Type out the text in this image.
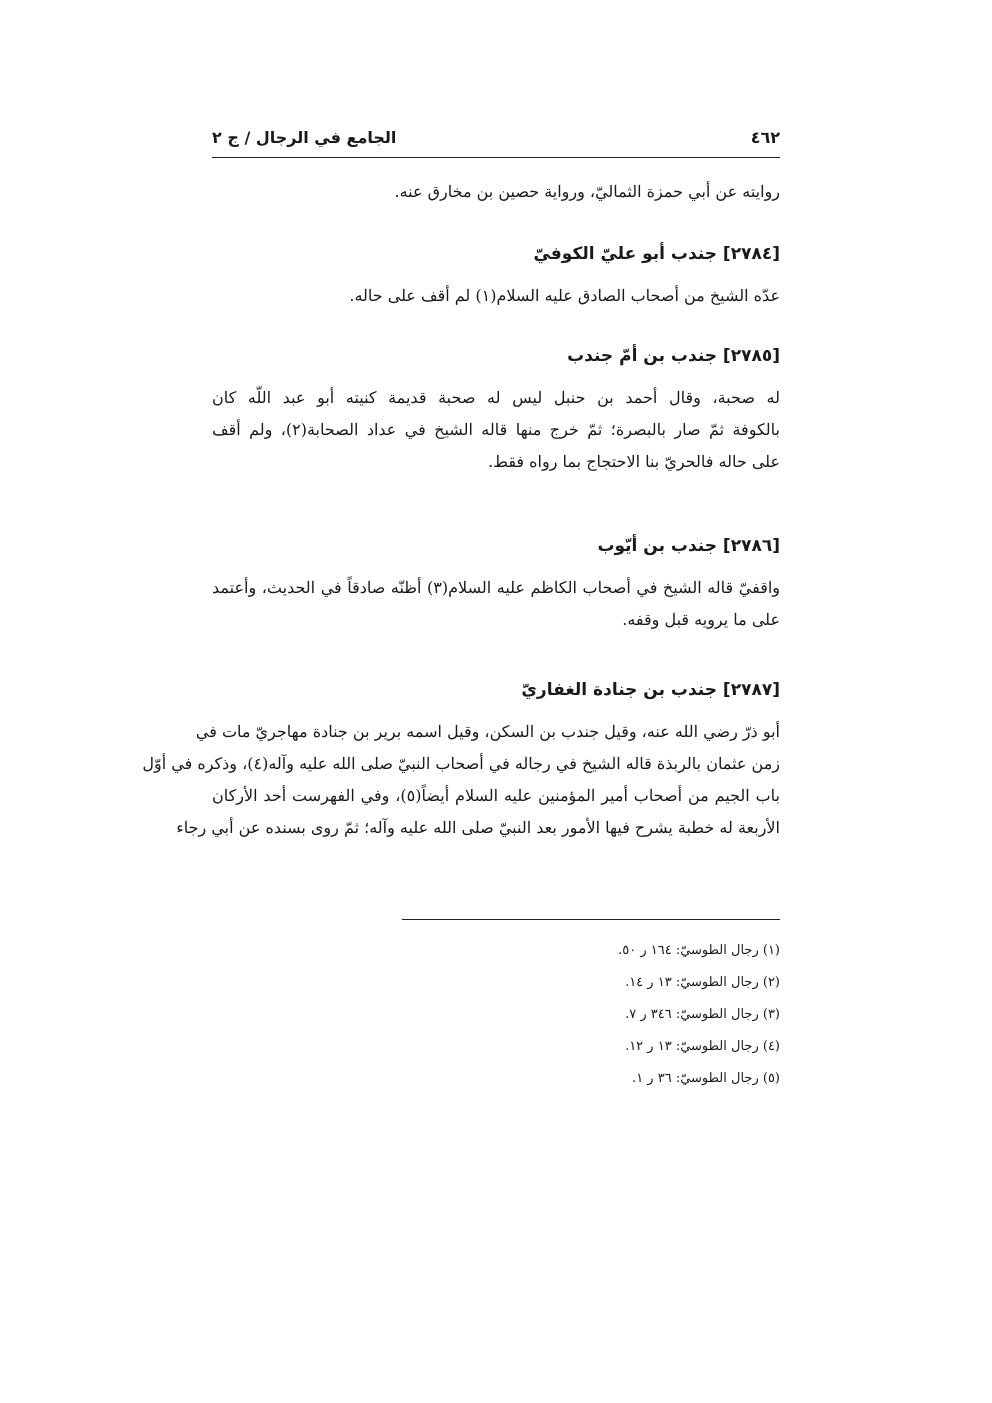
٤٦٢
الجامع في الرجال / ج ٢
روايته عن أبي حمزة الثماليّ، ورواية حصين بن مخارق عنه.
[٢٧٨٤] جندب أبو عليّ الكوفيّ
عدّه الشيخ من أصحاب الصادق عليه السلام(١) لم أقف على حاله.
[٢٧٨٥] جندب بن أمّ جندب
له صحبة، وقال أحمد بن حنبل ليس له صحبة قديمة كنيته أبو عبد اللّه كان
بالكوفة ثمّ صار بالبصرة؛ ثمّ خرج منها قاله الشيخ في عداد الصحابة(٢)، ولم أقف
على حاله فالحريّ بنا الاحتجاج بما رواه فقط.
[٢٧٨٦] جندب بن أيّوب
واقفيّ قاله الشيخ في أصحاب الكاظم عليه السلام(٣) أظنّه صادقاً في الحديث، وأعتمد
على ما يرويه قبل وقفه.
[٢٧٨٧] جندب بن جنادة الغفاريّ
أبو ذرّ رضي الله عنه، وقيل جندب بن السكن، وقيل اسمه برير بن جنادة مهاجريّ مات في
زمن عثمان بالربذة قاله الشيخ في رجاله في أصحاب النبيّ صلى الله عليه وآله(٤)، وذكره في أوّل
باب الجيم من أصحاب أمير المؤمنين عليه السلام أيضاً(٥)، وفي الفهرست أحد الأركان
الأربعة له خطبة يشرح فيها الأمور بعد النبيّ صلى الله عليه وآله؛ ثمّ روى بسنده عن أبي رجاء
(١) رجال الطوسيّ: ١٦٤ ر ٥٠.
(٢) رجال الطوسيّ: ١٣ ر ١٤.
(٣) رجال الطوسيّ: ٣٤٦ ر ٧.
(٤) رجال الطوسيّ: ١٣ ر ١٢.
(٥) رجال الطوسيّ: ٣٦ ر ١.
